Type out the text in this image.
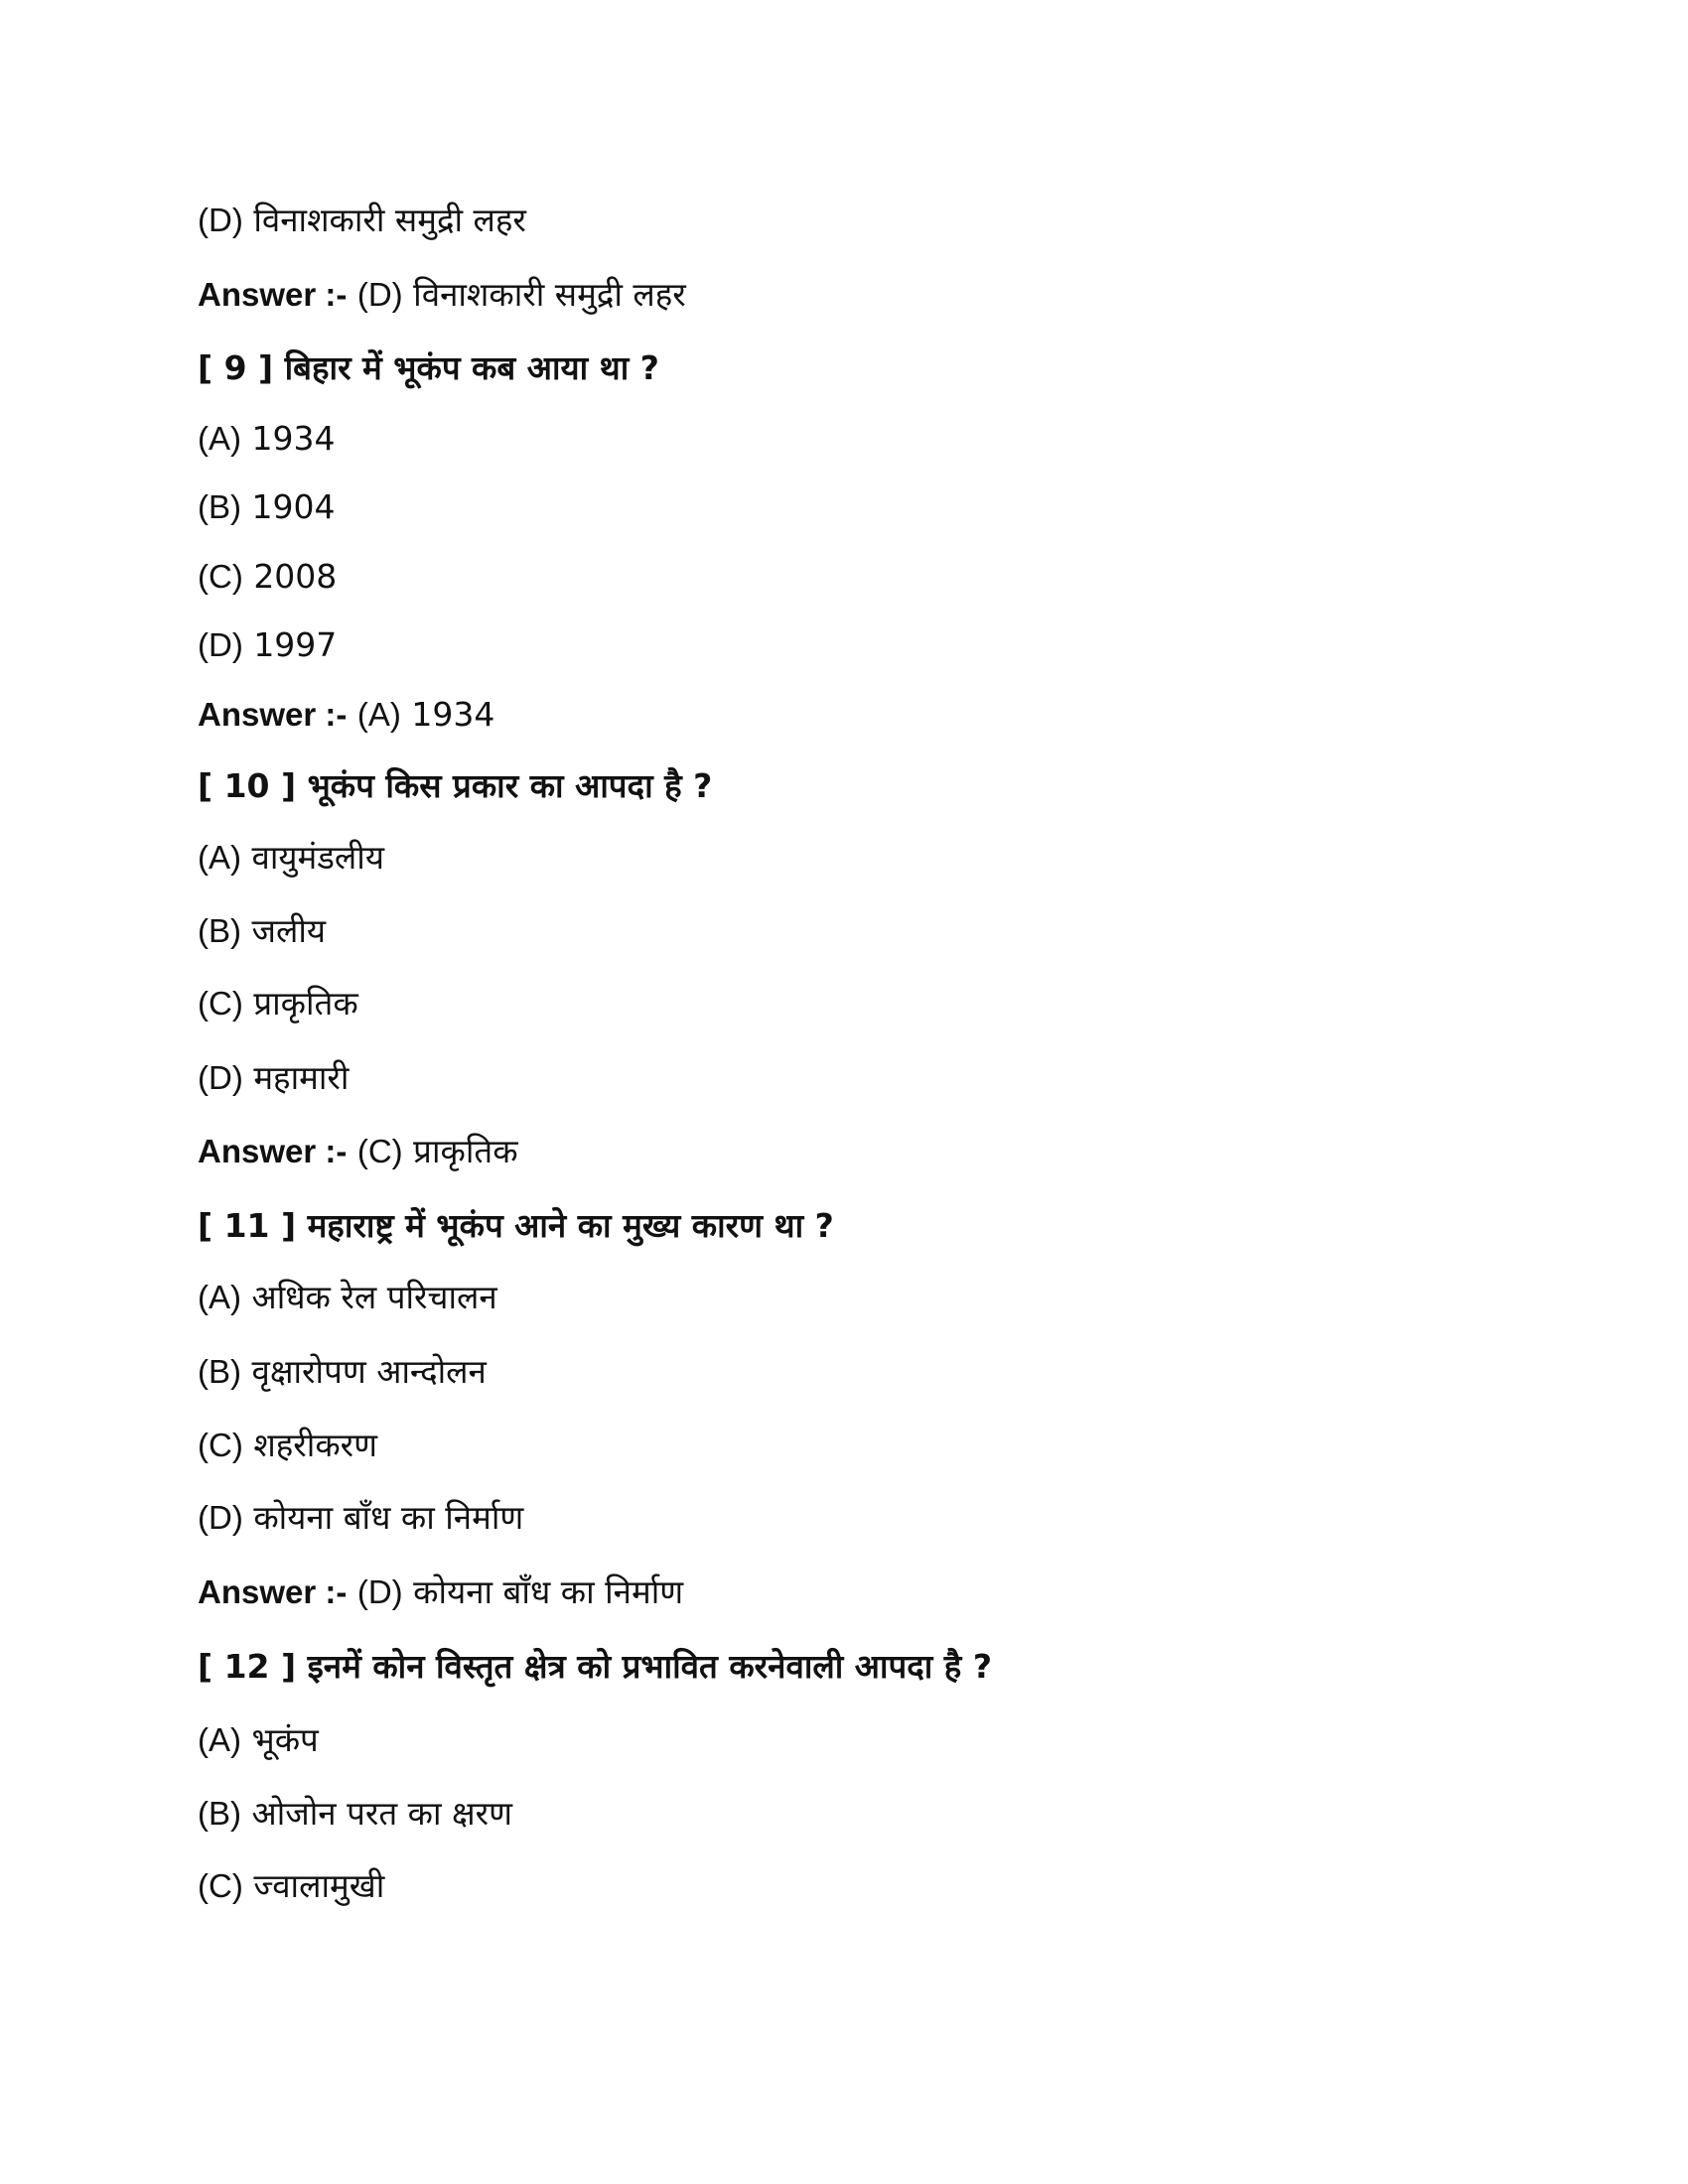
(D) विनाशकारी समुद्री लहर
Answer :- (D) विनाशकारी समुद्री लहर
[ 9 ] बिहार में भूकंप कब आया था ?
(A) 1934
(B) 1904
(C) 2008
(D) 1997
Answer :- (A) 1934
[ 10 ] भूकंप किस प्रकार का आपदा है ?
(A) वायुमंडलीय
(B) जलीय
(C) प्राकृतिक
(D) महामारी
Answer :- (C) प्राकृतिक
[ 11 ] महाराष्ट्र में भूकंप आने का मुख्य कारण था ?
(A) अधिक रेल परिचालन
(B) वृक्षारोपण आन्दोलन
(C) शहरीकरण
(D) कोयना बाँध का निर्माण
Answer :- (D) कोयना बाँध का निर्माण
[ 12 ] इनमें कोन विस्तृत क्षेत्र को प्रभावित करनेवाली आपदा है ?
(A) भूकंप
(B) ओजोन परत का क्षरण
(C) ज्वालामुखी
